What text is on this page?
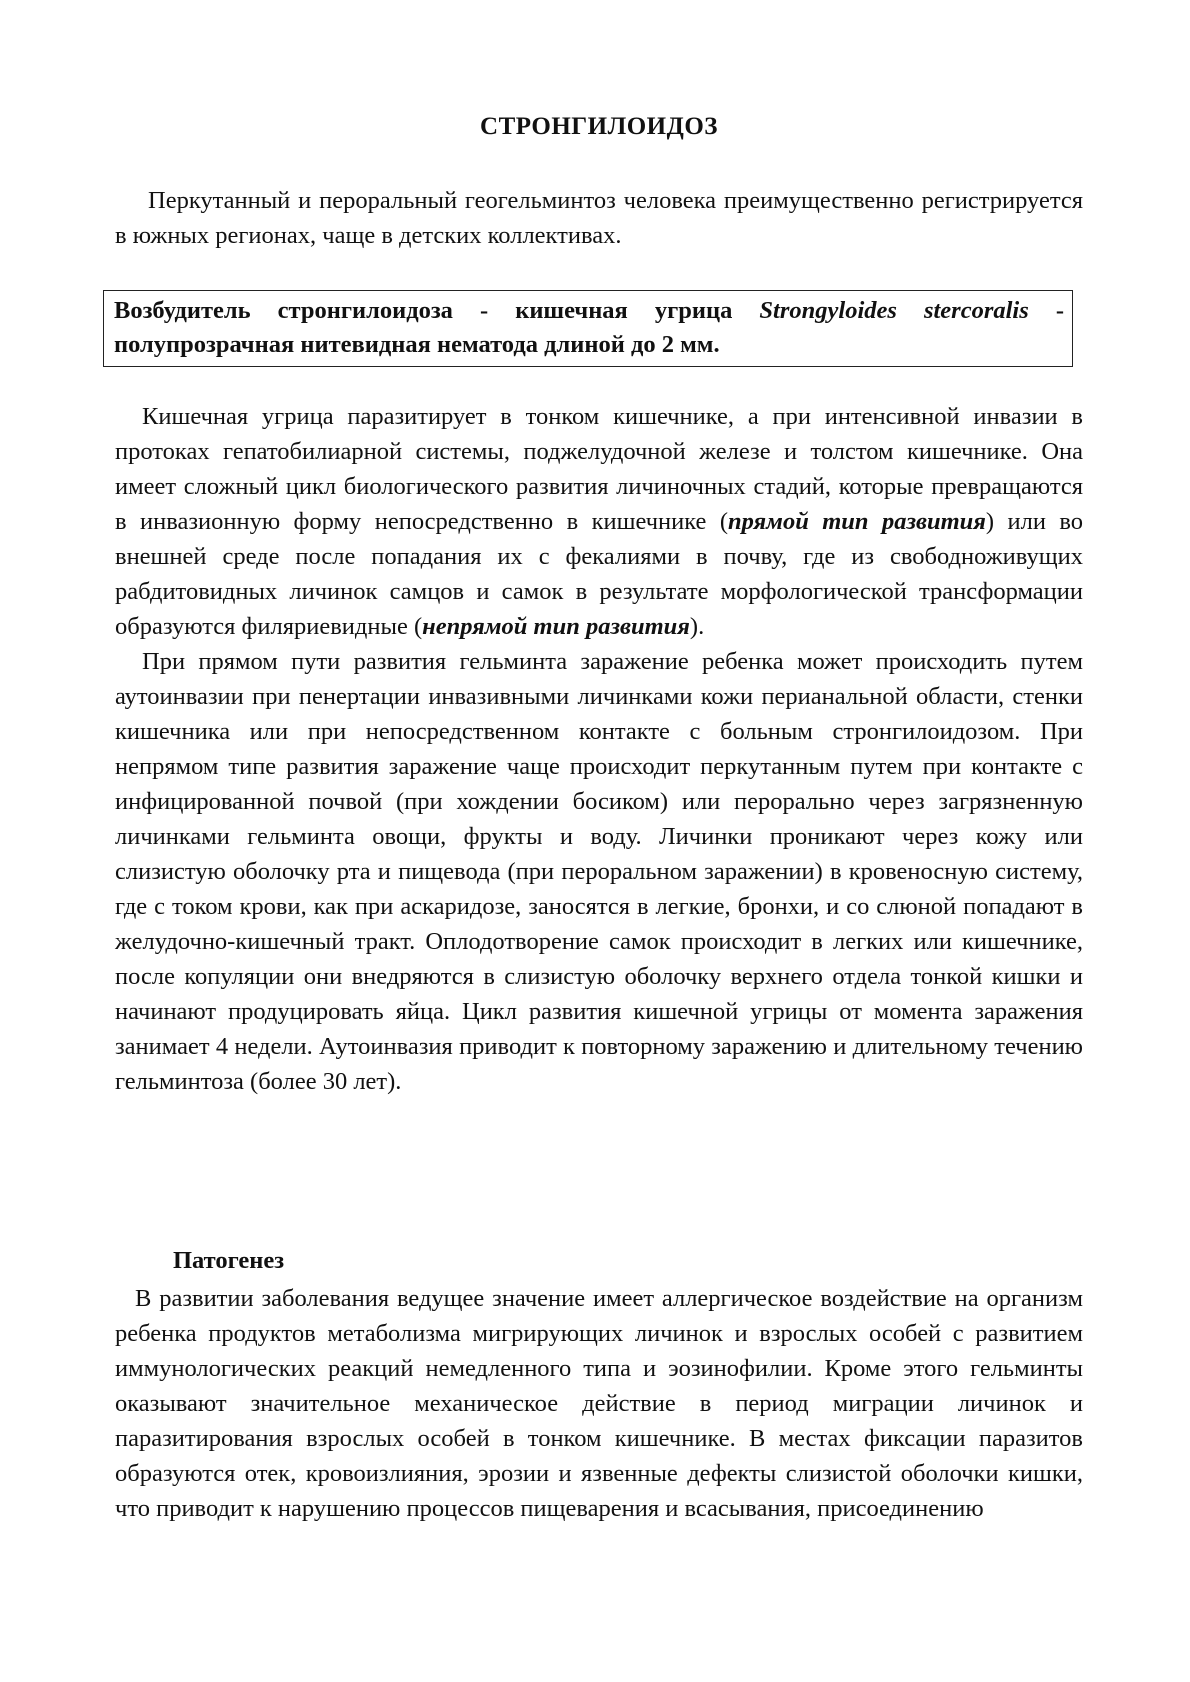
СТРОНГИЛОИДОЗ

Перкутанный и пероральный геогельминтоз человека преимущественно регистрируется в южных регионах, чаще в детских коллективах.

Возбудитель стронгилоидоза - кишечная угрица Strongyloides stercoralis - полупрозрачная нитевидная нематода длиной до 2 мм.

Кишечная угрица паразитирует в тонком кишечнике, а при интенсивной инвазии в протоках гепатобилиарной системы, поджелудочной железе и толстом кишечнике. Она имеет сложный цикл биологического развития личиночных стадий, которые превращаются в инвазионную форму непосредственно в кишечнике (прямой тип развития) или во внешней среде после попадания их с фекалиями в почву, где из свободноживущих рабдитовидных личинок самцов и самок в результате морфологической трансформации образуются филяриевидные (непрямой тип развития).

При прямом пути развития гельминта заражение ребенка может происходить путем аутоинвазии при пенертации инвазивными личинками кожи перианальной области, стенки кишечника или при непосредственном контакте с больным стронгилоидозом. При непрямом типе развития заражение чаще происходит перкутанным путем при контакте с инфицированной почвой (при хождении босиком) или перорально через загрязненную личинками гельминта овощи, фрукты и воду. Личинки проникают через кожу или слизистую оболочку рта и пищевода (при пероральном заражении) в кровеносную систему, где с током крови, как при аскаридозе, заносятся в легкие, бронхи, и со слюной попадают в желудочно-кишечный тракт. Оплодотворение самок происходит в легких или кишечнике, после копуляции они внедряются в слизистую оболочку верхнего отдела тонкой кишки и начинают продуцировать яйца. Цикл развития кишечной угрицы от момента заражения занимает 4 недели. Аутоинвазия приводит к повторному заражению и длительному течению гельминтоза (более 30 лет).

Патогенез

В развитии заболевания ведущее значение имеет аллергическое воздействие на организм ребенка продуктов метаболизма мигрирующих личинок и взрослых особей с развитием иммунологических реакций немедленного типа и эозинофилии. Кроме этого гельминты оказывают значительное механическое действие в период миграции личинок и паразитирования взрослых особей в тонком кишечнике. В местах фиксации паразитов образуются отек, кровоизлияния, эрозии и язвенные дефекты слизистой оболочки кишки, что приводит к нарушению процессов пищеварения и всасывания, присоединению
